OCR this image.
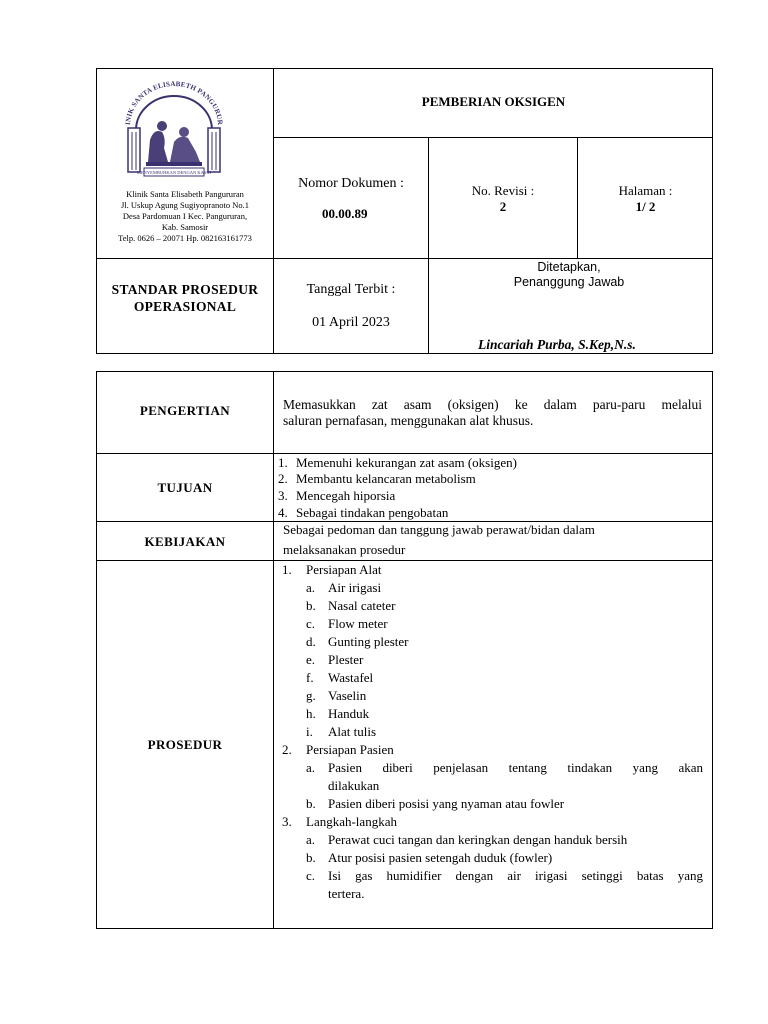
INIK SANTA ELISABETH PANGURUR
MENYEMBUHKAN DENGAN KASIH
Klinik Santa Elisabeth Pangururan
Jl. Uskup Agung Sugiyopranoto No.1
Desa Pardomuan I Kec. Pangururan,
Kab. Samosir
Telp. 0626 – 20071 Hp. 082163161773
PEMBERIAN OKSIGEN
Nomor Dokumen :
00.00.89
No. Revisi :
2
Halaman :
1/ 2
STANDAR PROSEDUR
OPERASIONAL
Tanggal Terbit :
01 April 2023
Ditetapkan,
Penanggung Jawab
Lincariah Purba, S.Kep,N.s.
PENGERTIAN	Memasukkan zat asam (oksigen) ke dalam paru-paru melalui
saluran pernafasan, menggunakan alat khusus.
TUJUAN
1. Memenuhi kekurangan zat asam (oksigen)
2. Membantu kelancaran metabolism
3. Mencegah hiporsia
4. Sebagai tindakan pengobatan
KEBIJAKAN
Sebagai pedoman dan tanggung jawab perawat/bidan dalam
melaksanakan prosedur
PROSEDUR
1. Persiapan Alat
a. Air irigasi
b. Nasal cateter
c. Flow meter
d. Gunting plester
e. Plester
f. Wastafel
g. Vaselin
h. Handuk
i. Alat tulis
2. Persiapan Pasien
a. Pasien diberi penjelasan tentang tindakan yang akan
dilakukan
b. Pasien diberi posisi yang nyaman atau fowler
3. Langkah-langkah
a. Perawat cuci tangan dan keringkan dengan handuk bersih
b. Atur posisi pasien setengah duduk (fowler)
c. Isi gas humidifier dengan air irigasi setinggi batas yang
tertera.
